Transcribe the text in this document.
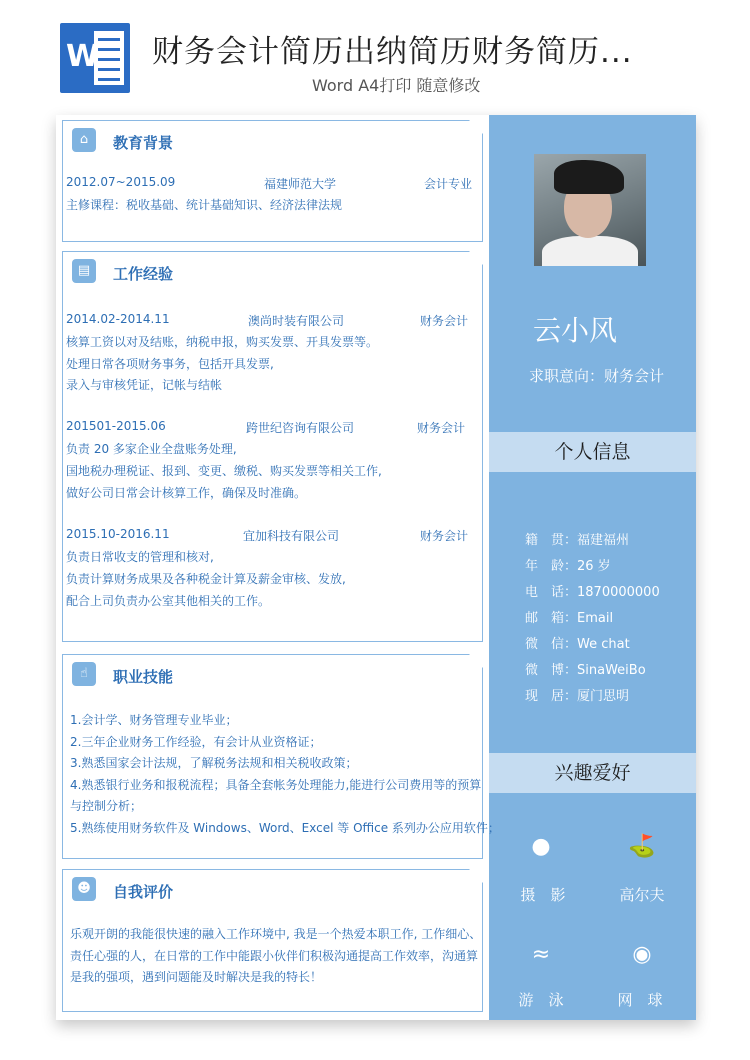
W 财务会计简历出纳简历财务简历...
Word A4打印 随意修改
⌂	教育背景
2012.07~2015.09	福建师范大学	会计专业
主修课程：税收基础、统计基础知识、经济法律法规
▤	工作经验
2014.02-2014.11	澳尚时装有限公司	财务会计
核算工资以对及结账，纳税申报，购买发票、开具发票等。
处理日常各项财务事务，包括开具发票,
录入与审核凭证，记帐与结帐
201501-2015.06	跨世纪咨询有限公司	财务会计
负责 20 多家企业全盘账务处理,
国地税办理税证、报到、变更、缴税、购买发票等相关工作,
做好公司日常会计核算工作，确保及时准确。
2015.10-2016.11	宜加科技有限公司	财务会计
负责日常收支的管理和核对,
负责计算财务成果及各种税金计算及薪金审核、发放,
配合上司负责办公室其他相关的工作。
☝	职业技能
1.会计学、财务管理专业毕业；
2.三年企业财务工作经验，有会计从业资格证；
3.熟悉国家会计法规，了解税务法规和相关税收政策；
4.熟悉银行业务和报税流程；具备全套帐务处理能力,能进行公司费用等的预算
与控制分析；
5.熟练使用财务软件及 Windows、Word、Excel 等 Office 系列办公应用软件；
☻	自我评价
乐观开朗的我能很快速的融入工作环境中, 我是一个热爱本职工作, 工作细心、
责任心强的人，在日常的工作中能跟小伙伴们积极沟通提高工作效率，沟通算
是我的强项，遇到问题能及时解决是我的特长！
云小风
求职意向：财务会计
个人信息
籍　贯：福建福州
年　龄：26 岁
电　话：1870000000
邮　箱：Email
微　信：We chat
微　博：SinaWeiBo
现　居：厦门思明
兴趣爱好
●
摄　影
⛳
高尔夫
≈
游　泳
◉
网　球
